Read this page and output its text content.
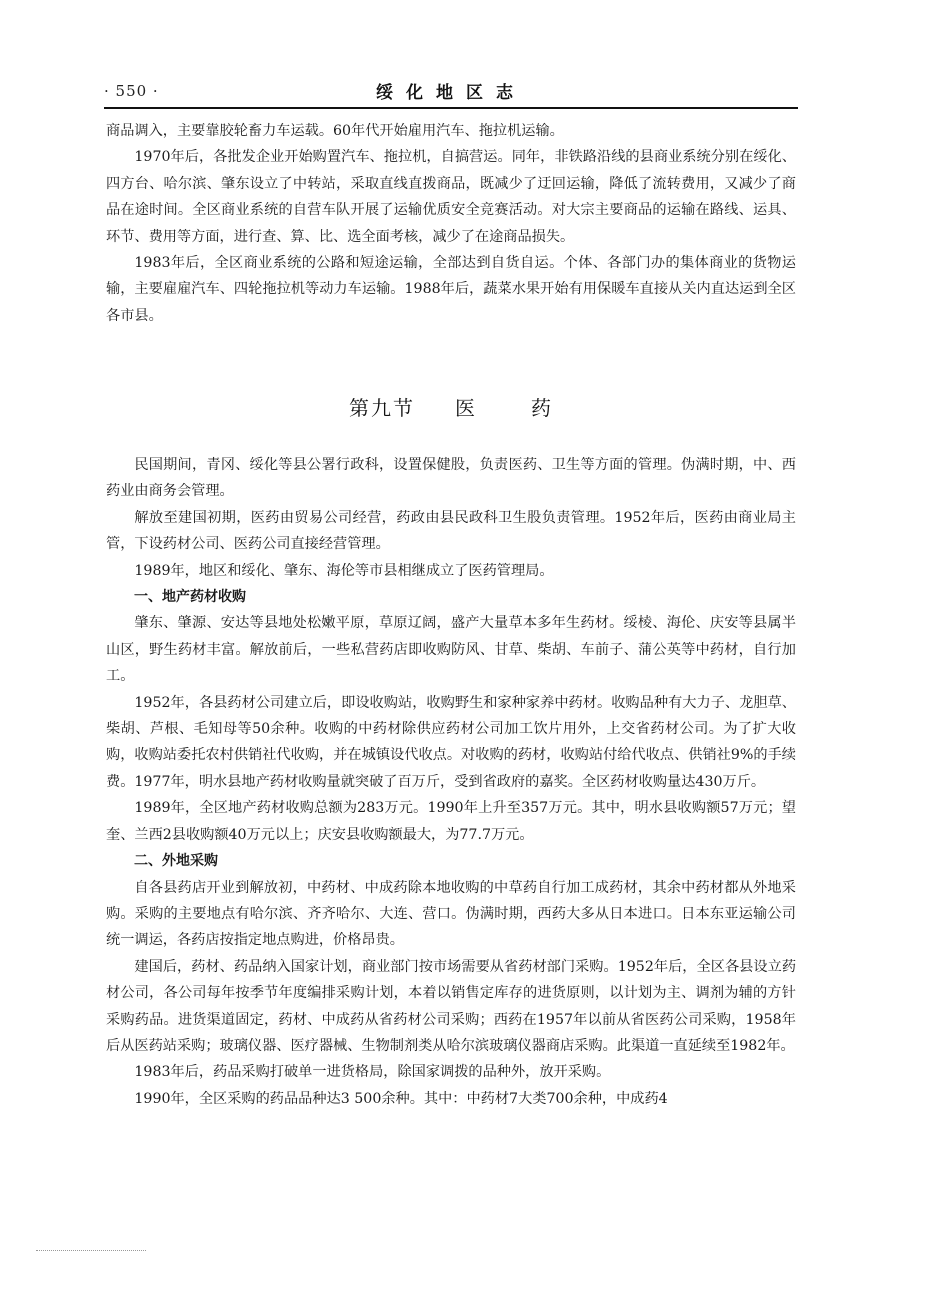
· 550 ·	绥化地区志

商品调入，主要靠胶轮畜力车运载。60年代开始雇用汽车、拖拉机运输。

1970年后，各批发企业开始购置汽车、拖拉机，自搞营运。同年，非铁路沿线的县商业系统分别在绥化、四方台、哈尔滨、肇东设立了中转站，采取直线直拨商品，既减少了迂回运输，降低了流转费用，又减少了商品在途时间。全区商业系统的自营车队开展了运输优质安全竞赛活动。对大宗主要商品的运输在路线、运具、环节、费用等方面，进行查、算、比、选全面考核，减少了在途商品损失。

1983年后，全区商业系统的公路和短途运输，全部达到自货自运。个体、各部门办的集体商业的货物运输，主要雇雇汽车、四轮拖拉机等动力车运输。1988年后，蔬菜水果开始有用保暖车直接从关内直达运到全区各市县。

第九节 医	药

民国期间，青冈、绥化等县公署行政科，设置保健股，负责医药、卫生等方面的管理。伪满时期，中、西药业由商务会管理。

解放至建国初期，医药由贸易公司经营，药政由县民政科卫生股负责管理。1952年后，医药由商业局主管，下设药材公司、医药公司直接经营管理。

1989年，地区和绥化、肇东、海伦等市县相继成立了医药管理局。

一、地产药材收购

肇东、肇源、安达等县地处松嫩平原，草原辽阔，盛产大量草本多年生药材。绥棱、海伦、庆安等县属半山区，野生药材丰富。解放前后，一些私营药店即收购防风、甘草、柴胡、车前子、蒲公英等中药材，自行加工。

1952年，各县药材公司建立后，即设收购站，收购野生和家种家养中药材。收购品种有大力子、龙胆草、柴胡、芦根、毛知母等50余种。收购的中药材除供应药材公司加工饮片用外，上交省药材公司。为了扩大收购，收购站委托农村供销社代收购，并在城镇设代收点。对收购的药材，收购站付给代收点、供销社9%的手续费。1977年，明水县地产药材收购量就突破了百万斤，受到省政府的嘉奖。全区药材收购量达430万斤。

1989年，全区地产药材收购总额为283万元。1990年上升至357万元。其中，明水县收购额57万元；望奎、兰西2县收购额40万元以上；庆安县收购额最大，为77.7万元。

二、外地采购

自各县药店开业到解放初，中药材、中成药除本地收购的中草药自行加工成药材，其余中药材都从外地采购。采购的主要地点有哈尔滨、齐齐哈尔、大连、营口。伪满时期，西药大多从日本进口。日本东亚运输公司统一调运，各药店按指定地点购进，价格昂贵。

建国后，药材、药品纳入国家计划，商业部门按市场需要从省药材部门采购。1952年后，全区各县设立药材公司，各公司每年按季节年度编排采购计划，本着以销售定库存的进货原则，以计划为主、调剂为辅的方针采购药品。进货渠道固定，药材、中成药从省药材公司采购；西药在1957年以前从省医药公司采购，1958年后从医药站采购；玻璃仪器、医疗器械、生物制剂类从哈尔滨玻璃仪器商店采购。此渠道一直延续至1982年。

1983年后，药品采购打破单一进货格局，除国家调拨的品种外，放开采购。

1990年，全区采购的药品品种达3 500余种。其中：中药材7大类700余种，中成药4
